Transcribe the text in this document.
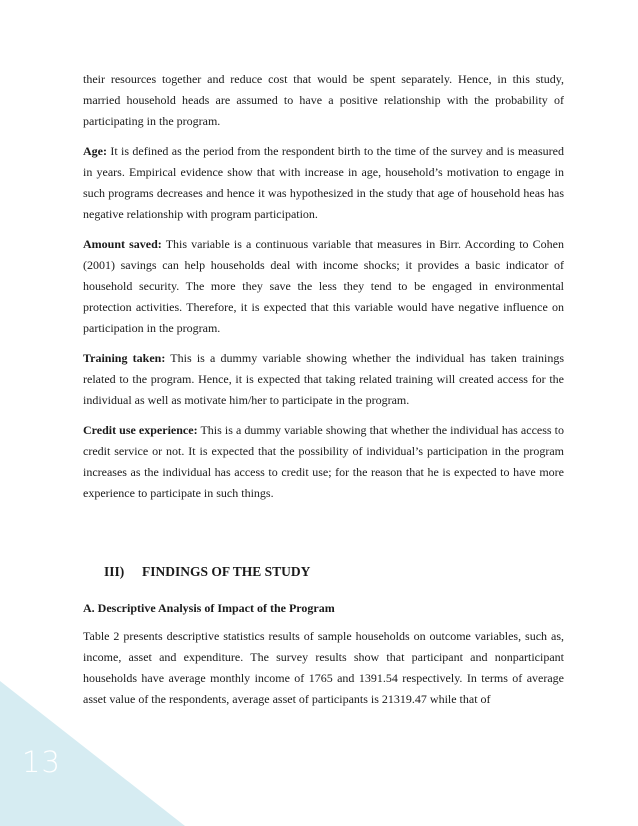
13

their resources together and reduce cost that would be spent separately. Hence, in this study, married household heads are assumed to have a positive relationship with the probability of participating in the program.

Age: It is defined as the period from the respondent birth to the time of the survey and is measured in years. Empirical evidence show that with increase in age, household’s motivation to engage in such programs decreases and hence it was hypothesized in the study that age of household heas has negative relationship with program participation.

Amount saved: This variable is a continuous variable that measures in Birr. According to Cohen (2001) savings can help households deal with income shocks; it provides a basic indicator of household security. The more they save the less they tend to be engaged in environmental protection activities. Therefore, it is expected that this variable would have negative influence on participation in the program.

Training taken: This is a dummy variable showing whether the individual has taken trainings related to the program. Hence, it is expected that taking related training will created access for the individual as well as motivate him/her to participate in the program.

Credit use experience: This is a dummy variable showing that whether the individual has access to credit service or not. It is expected that the possibility of individual’s participation in the program increases as the individual has access to credit use; for the reason that he is expected to have more experience to participate in such things.

III) FINDINGS OF THE STUDY
A. Descriptive Analysis of Impact of the Program

Table 2 presents descriptive statistics results of sample households on outcome variables, such as, income, asset and expenditure. The survey results show that participant and nonparticipant households have average monthly income of 1765 and 1391.54 respectively. In terms of average asset value of the respondents, average asset of participants is 21319.47 while that of
